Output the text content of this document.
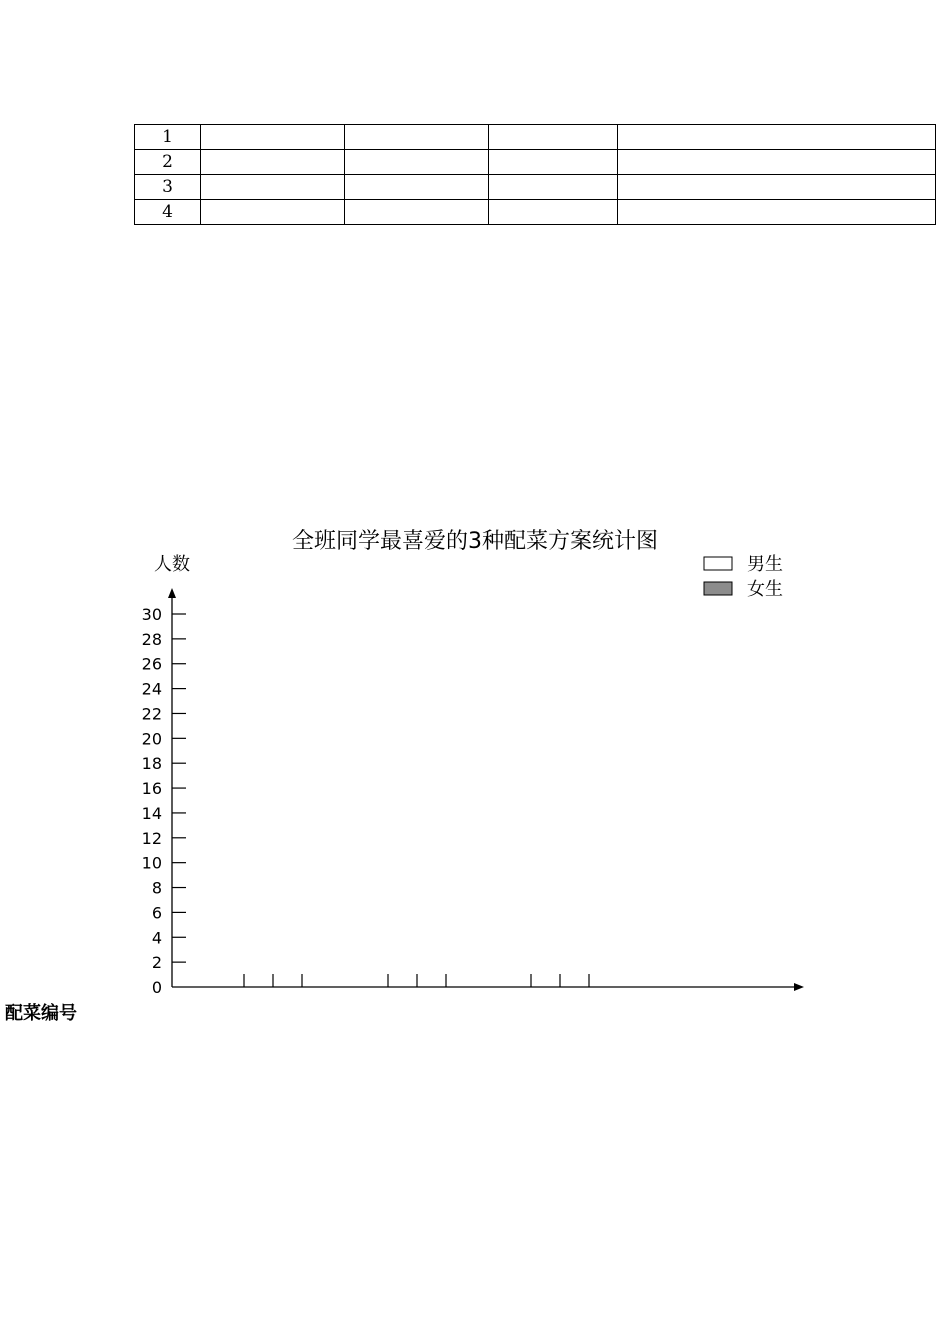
1				
2				
3				
4				
全班同学最喜爱的3种配菜方案统计图
人数
配菜编号
男生
女生
0
2
4
6
8
10
12
14
16
18
20
22
24
26
28
30
